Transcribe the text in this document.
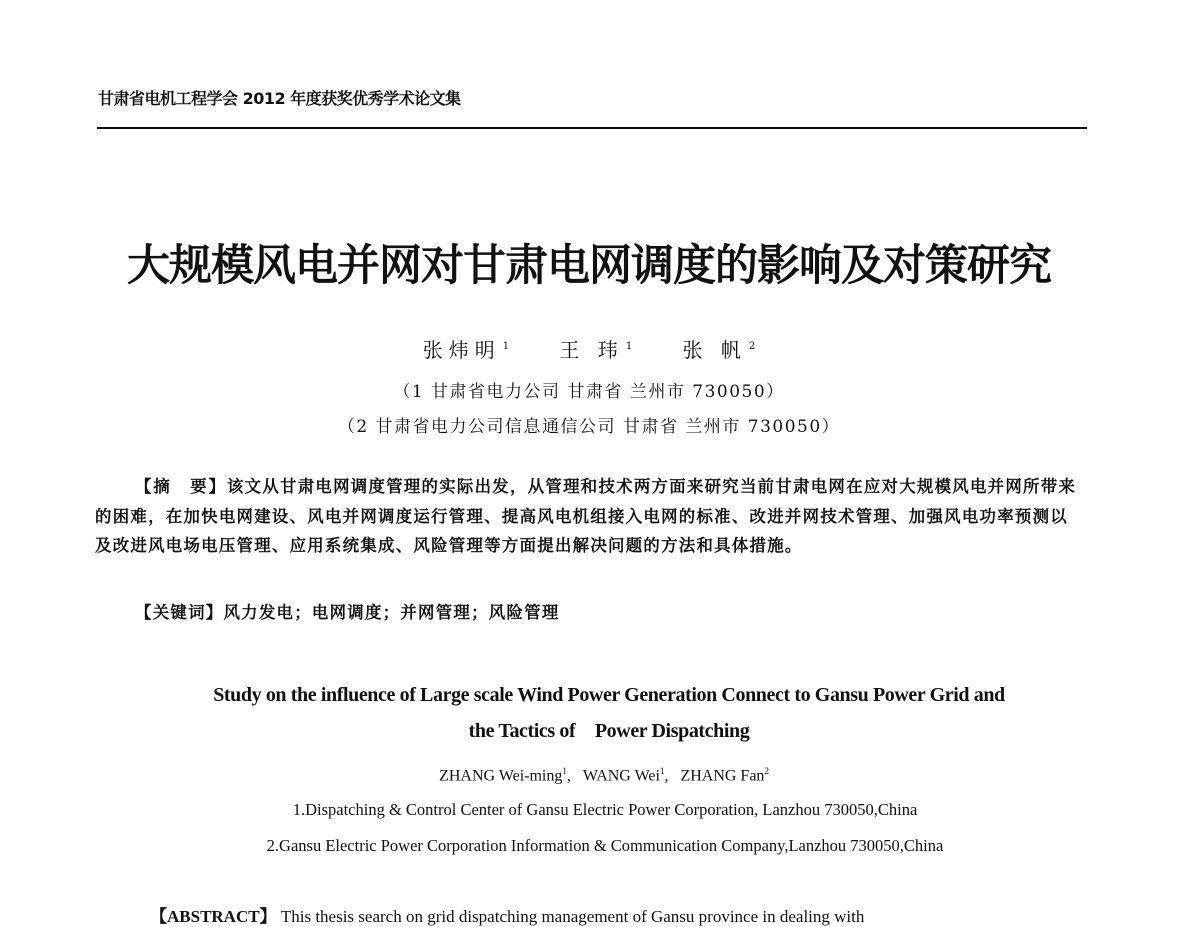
甘肃省电机工程学会 2012 年度获奖优秀学术论文集
大规模风电并网对甘肃电网调度的影响及对策研究
张炜明 $^1$	王 玮 $^1$	张 帆 $^2$
（1 甘肃省电力公司 甘肃省 兰州市 730050）
（2 甘肃省电力公司信息通信公司 甘肃省 兰州市 730050）
【摘　要】该文从甘肃电网调度管理的实际出发，从管理和技术两方面来研究当前甘肃电网在应对大规模风电并网所带来的困难，在加快电网建设、风电并网调度运行管理、提高风电机组接入电网的标准、改进并网技术管理、加强风电功率预测以及改进风电场电压管理、应用系统集成、风险管理等方面提出解决问题的方法和具体措施。
【关键词】风力发电；电网调度；并网管理；风险管理
Study on the influence of Large scale Wind Power Generation Connect to Gansu Power Grid and
the Tactics of　Power Dispatching
ZHANG Wei-ming$^1$,   WANG Wei$^1$,   ZHANG Fan$^2$
1.Dispatching & Control Center of Gansu Electric Power Corporation, Lanzhou 730050,China
2.Gansu Electric Power Corporation Information & Communication Company,Lanzhou 730050,China
【ABSTRACT】 This thesis search on grid dispatching management of Gansu province in dealing with
